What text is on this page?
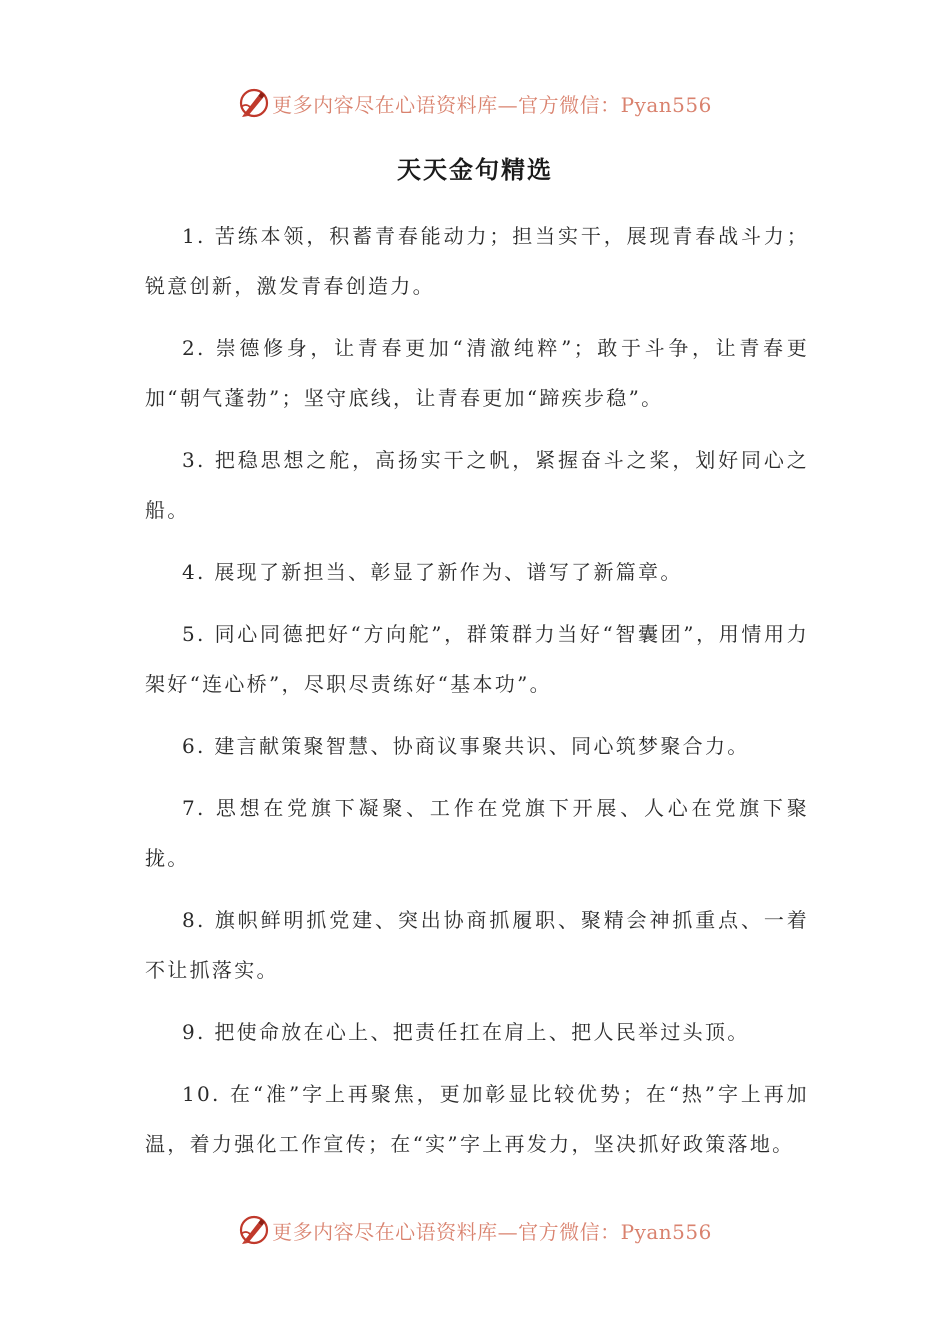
更多内容尽在心语资料库—官方微信：Pyan556
天天金句精选

1. 苦练本领，积蓄青春能动力；担当实干，展现青春战斗力；锐意创新，激发青春创造力。

2. 崇德修身，让青春更加“清澈纯粹”；敢于斗争，让青春更加“朝气蓬勃”；坚守底线，让青春更加“蹄疾步稳”。

3. 把稳思想之舵，高扬实干之帆，紧握奋斗之桨，划好同心之船。

4. 展现了新担当、彰显了新作为、谱写了新篇章。

5. 同心同德把好“方向舵”，群策群力当好“智囊团”，用情用力架好“连心桥”，尽职尽责练好“基本功”。

6. 建言献策聚智慧、协商议事聚共识、同心筑梦聚合力。

7. 思想在党旗下凝聚、工作在党旗下开展、人心在党旗下聚拢。

8. 旗帜鲜明抓党建、突出协商抓履职、聚精会神抓重点、一着不让抓落实。

9. 把使命放在心上、把责任扛在肩上、把人民举过头顶。

10. 在“准”字上再聚焦，更加彰显比较优势；在“热”字上再加温，着力强化工作宣传；在“实”字上再发力，坚决抓好政策落地。

更多内容尽在心语资料库—官方微信：Pyan556
